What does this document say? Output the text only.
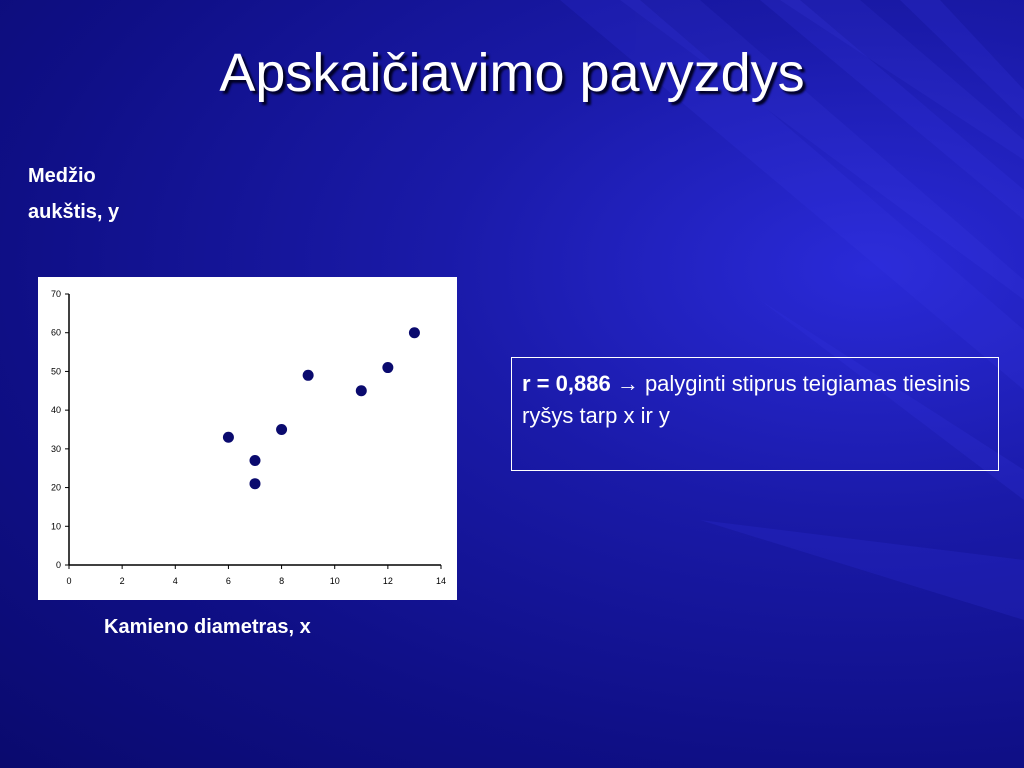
Apskaičiavimo pavyzdys
Medžio
aukštis, y
0
10
20
30
40
50
60
70
0	2	4	6	8	10	12	14
Kamieno diametras, x
r = 0,886 → palyginti stiprus teigiamas tiesinis ryšys tarp x ir y
